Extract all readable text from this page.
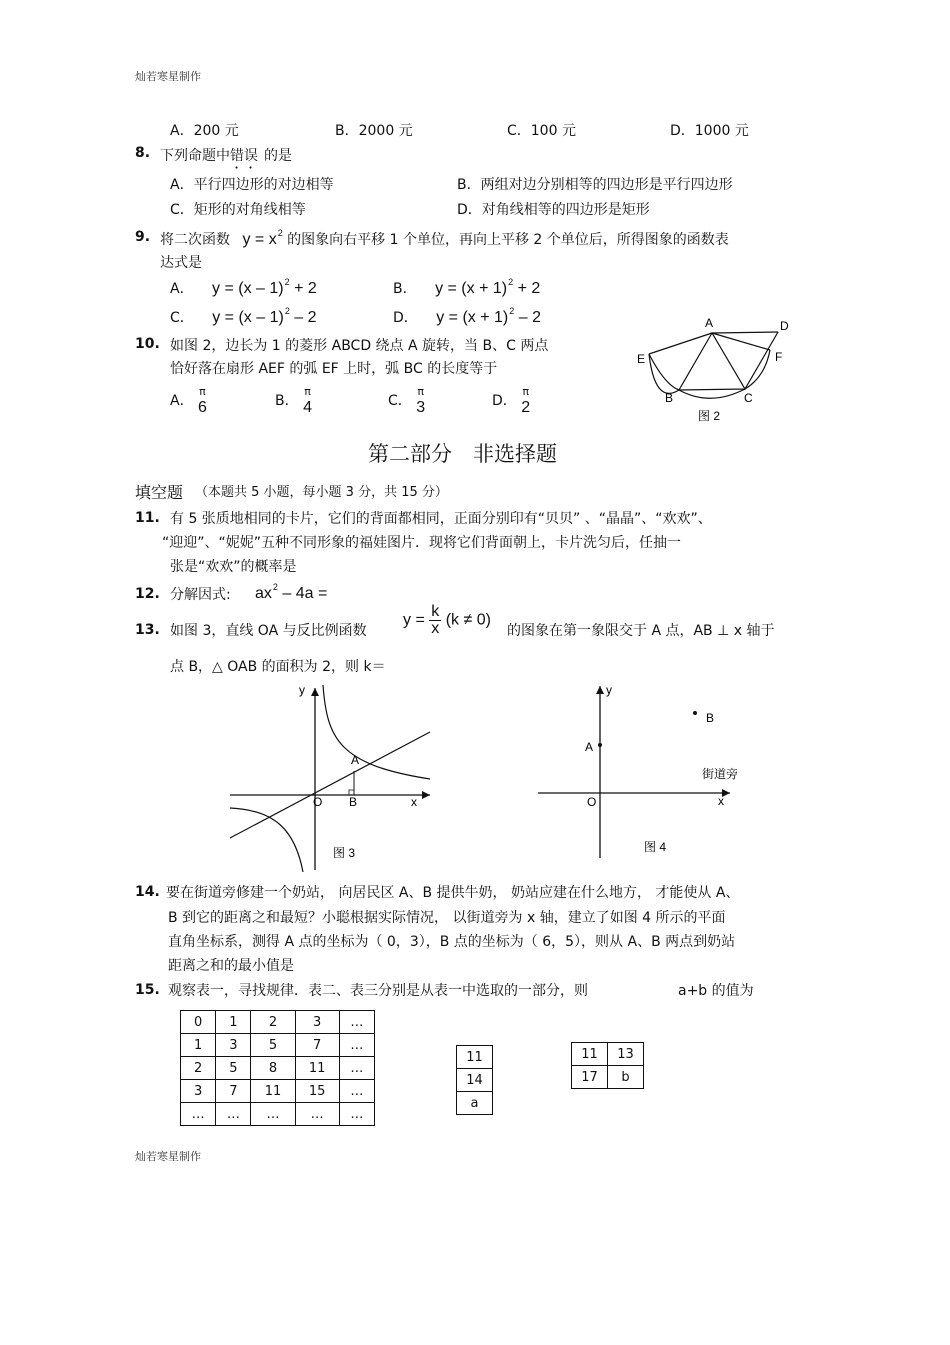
灿若寒星制作
A．200 元	B．2000 元	C．100 元	D．1000 元
8. 下列命题中错误 的是
A．平行四边形的对边相等	B．两组对边分别相等的四边形是平行四边形
C．矩形的对角线相等	D．对角线相等的四边形是矩形
9. 将二次函数 $y = x^2$ 的图象向右平移 1 个单位，再向上平移 2 个单位后，所得图象的函数表
达式是
A． y = (x – 1)$^2$ + 2	B． $y = (x + 1)^2 + 2$
C． y = (x – 1)$^2$ – 2	D． $y = (x + 1)^2 - 2$
10. 如图 2，边长为 1 的菱形 ABCD 绕点 A 旋转，当 B、C 两点
恰好落在扇形 AEF 的弧 EF 上时，弧 BC 的长度等于
A．
π
6	B．
π
4	C．
π
3	D．
π
2
A	D
E	F
B	C
图 2
第二部分　非选择题
填空题 （本题共 5 小题，每小题 3 分，共 15 分）
11. 有 5 张质地相同的卡片，它们的背面都相同，正面分别印有“贝贝” 、“晶晶”、“欢欢”、
“迎迎”、“妮妮”五种不同形象的福娃图片．现将它们背面朝上，卡片洗匀后，任抽一
张是“欢欢”的概率是
12. 分解因式: $ax^2 - 4a$ =
13. 如图 3，直线 OA 与反比例函数
$y = \frac{k}{x} (k \ne 0)$
的图象在第一象限交于 A 点，AB ⊥ x 轴于
点 B，△ OAB 的面积为 2，则 k＝
y
x
O
A
B
图 3
y
x
O
A
B
街道旁
图 4
14. 要在街道旁修建一个奶站， 向居民区 A、B 提供牛奶， 奶站应建在什么地方， 才能使从 A、
B 到它的距离之和最短？小聪根据实际情况， 以街道旁为 x 轴，建立了如图 4 所示的平面
直角坐标系，测得 A 点的坐标为（ 0，3），B 点的坐标为（ 6，5），则从 A、B 两点到奶站
距离之和的最小值是
15. 观察表一，寻找规律．表二、表三分别是从表一中选取的一部分，则	a+b 的值为
0	1	2	3	…
1	3	5	7	…
2	5	8	11	…
3	7	11	15	…
…	…	…	…	…
11
14
a
11	13
17	b
灿若寒星制作
